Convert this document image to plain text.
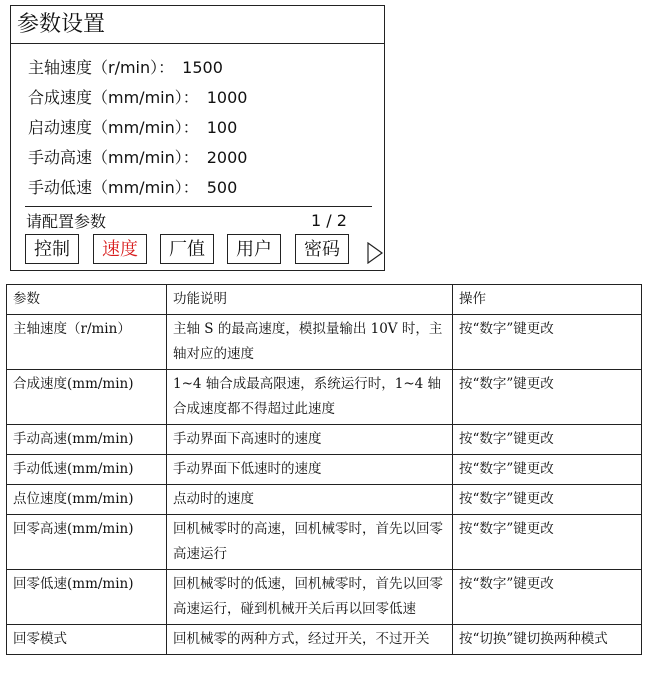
参数设置
主轴速度（r/min）： 1500
合成速度（mm/min）： 1000
启动速度（mm/min）： 100
手动高速（mm/min）： 2000
手动低速（mm/min）： 500
请配置参数	1 / 2
控制	速度	厂值	用户	密码
参数	功能说明	操作
主轴速度（r/min）	主轴 S 的最高速度，模拟量输出 10V 时，主轴对应的速度	按“数字”键更改
合成速度(mm/min)	1~4 轴合成最高限速，系统运行时，1~4 轴合成速度都不得超过此速度	按“数字”键更改
手动高速(mm/min)	手动界面下高速时的速度	按“数字”键更改
手动低速(mm/min)	手动界面下低速时的速度	按“数字”键更改
点位速度(mm/min)	点动时的速度	按“数字”键更改
回零高速(mm/min)	回机械零时的高速，回机械零时，首先以回零高速运行	按“数字”键更改
回零低速(mm/min)	回机械零时的低速，回机械零时，首先以回零高速运行，碰到机械开关后再以回零低速	按“数字”键更改
回零模式	回机械零的两种方式，经过开关，不过开关	按“切换”键切换两种模式
